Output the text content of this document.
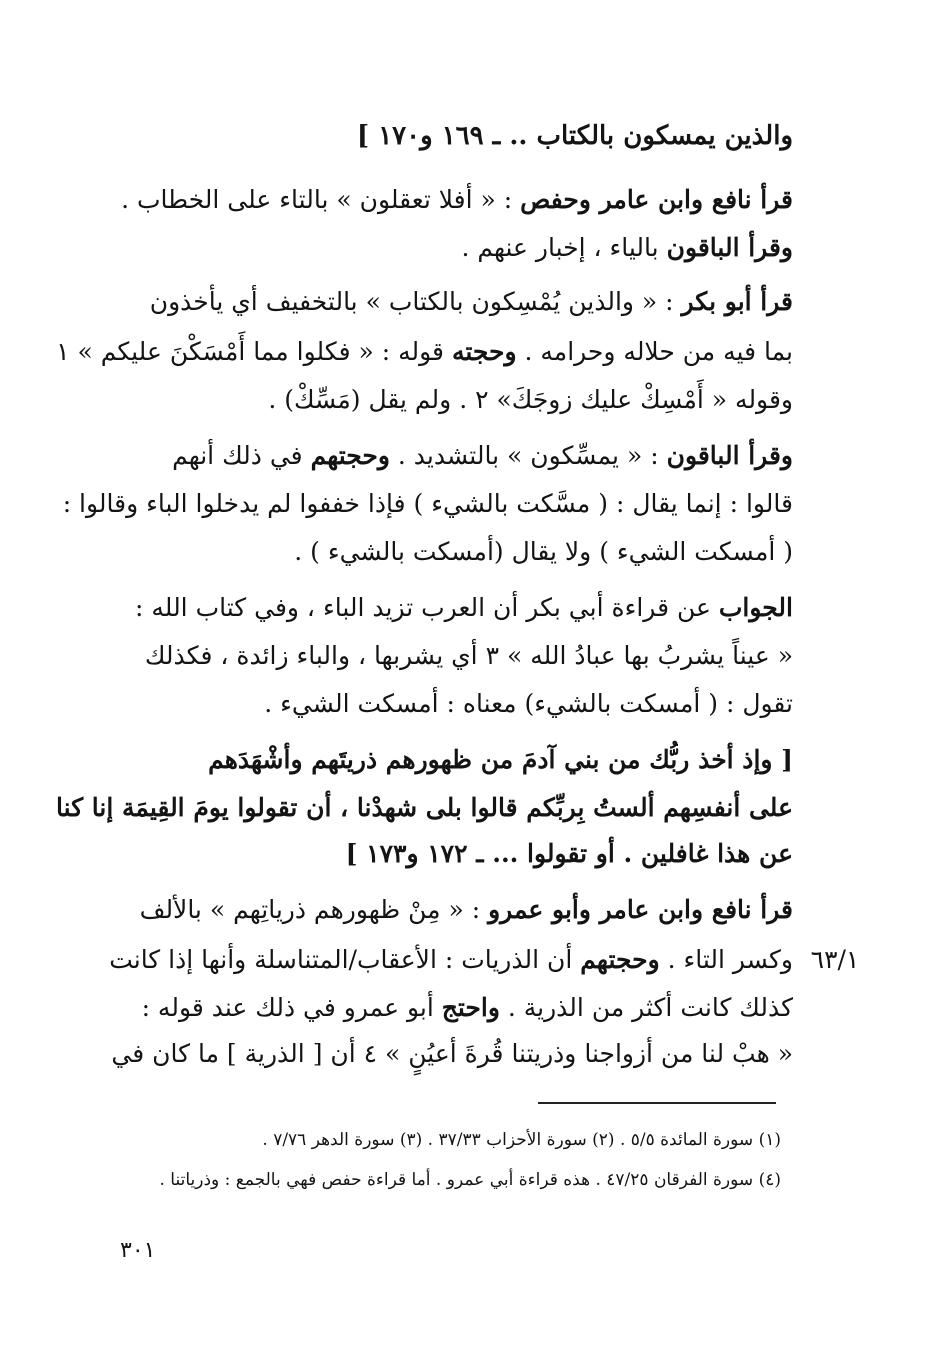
والذين يمسكون بالكتاب .. ـ ١٦٩ و١٧٠ ]
قرأ نافع وابن عامر وحفص : « أفلا تعقلون » بالتاء على الخطاب .
وقرأ الباقون بالياء ، إخبار عنهم .
قرأ أبو بكر : « والذين يُمْسِكون بالكتاب » بالتخفيف أي يأخذون
بما فيه من حلاله وحرامه . وحجته قوله : « فكلوا مما أَمْسَكْنَ عليكم » ١
وقوله « أَمْسِكْ عليك زوجَكَ» ٢ . ولم يقل (مَسِّكْ) .
وقرأ الباقون : « يمسِّكون » بالتشديد . وحجتهم في ذلك أنهم
قالوا : إنما يقال : ( مسَّكت بالشيء ) فإذا خففوا لم يدخلوا الباء وقالوا :
( أمسكت الشيء ) ولا يقال (أمسكت بالشيء ) .
الجواب عن قراءة أبي بكر أن العرب تزيد الباء ، وفي كتاب الله :
« عيناً يشربُ بها عبادُ الله » ٣ أي يشربها ، والباء زائدة ، فكذلك
تقول : ( أمسكت بالشيء) معناه : أمسكت الشيء .
[ وإذ أخذ ربُّك من بني آدمَ من ظهورهم ذريتَهم وأشْهَدَهم
على أنفسِهم ألستُ بِربِّكم قالوا بلى شهدْنا ، أن تقولوا يومَ القِيمَة إنا كنا
عن هذا غافلين . أو تقولوا ... ـ ١٧٢ و١٧٣ ]
قرأ نافع وابن عامر وأبو عمرو : « مِنْ ظهورهم ذرياتِهم » بالألف
وكسر التاء . وحجتهم أن الذريات : الأعقاب/المتناسلة وأنها إذا كانت
كذلك كانت أكثر من الذرية . واحتج أبو عمرو في ذلك عند قوله :
« هبْ لنا من أزواجنا وذريتنا قُرةَ أعيُنٍ » ٤ أن [ الذرية ] ما كان في
٦٣/١
(١) سورة المائدة ٥/٥ . (٢) سورة الأحزاب ٣٧/٣٣ . (٣) سورة الدهر ٧/٧٦ .
(٤) سورة الفرقان ٤٧/٢٥ . هذه قراءة أبي عمرو . أما قراءة حفص فهي بالجمع : وذرياتنا .
٣٠١
